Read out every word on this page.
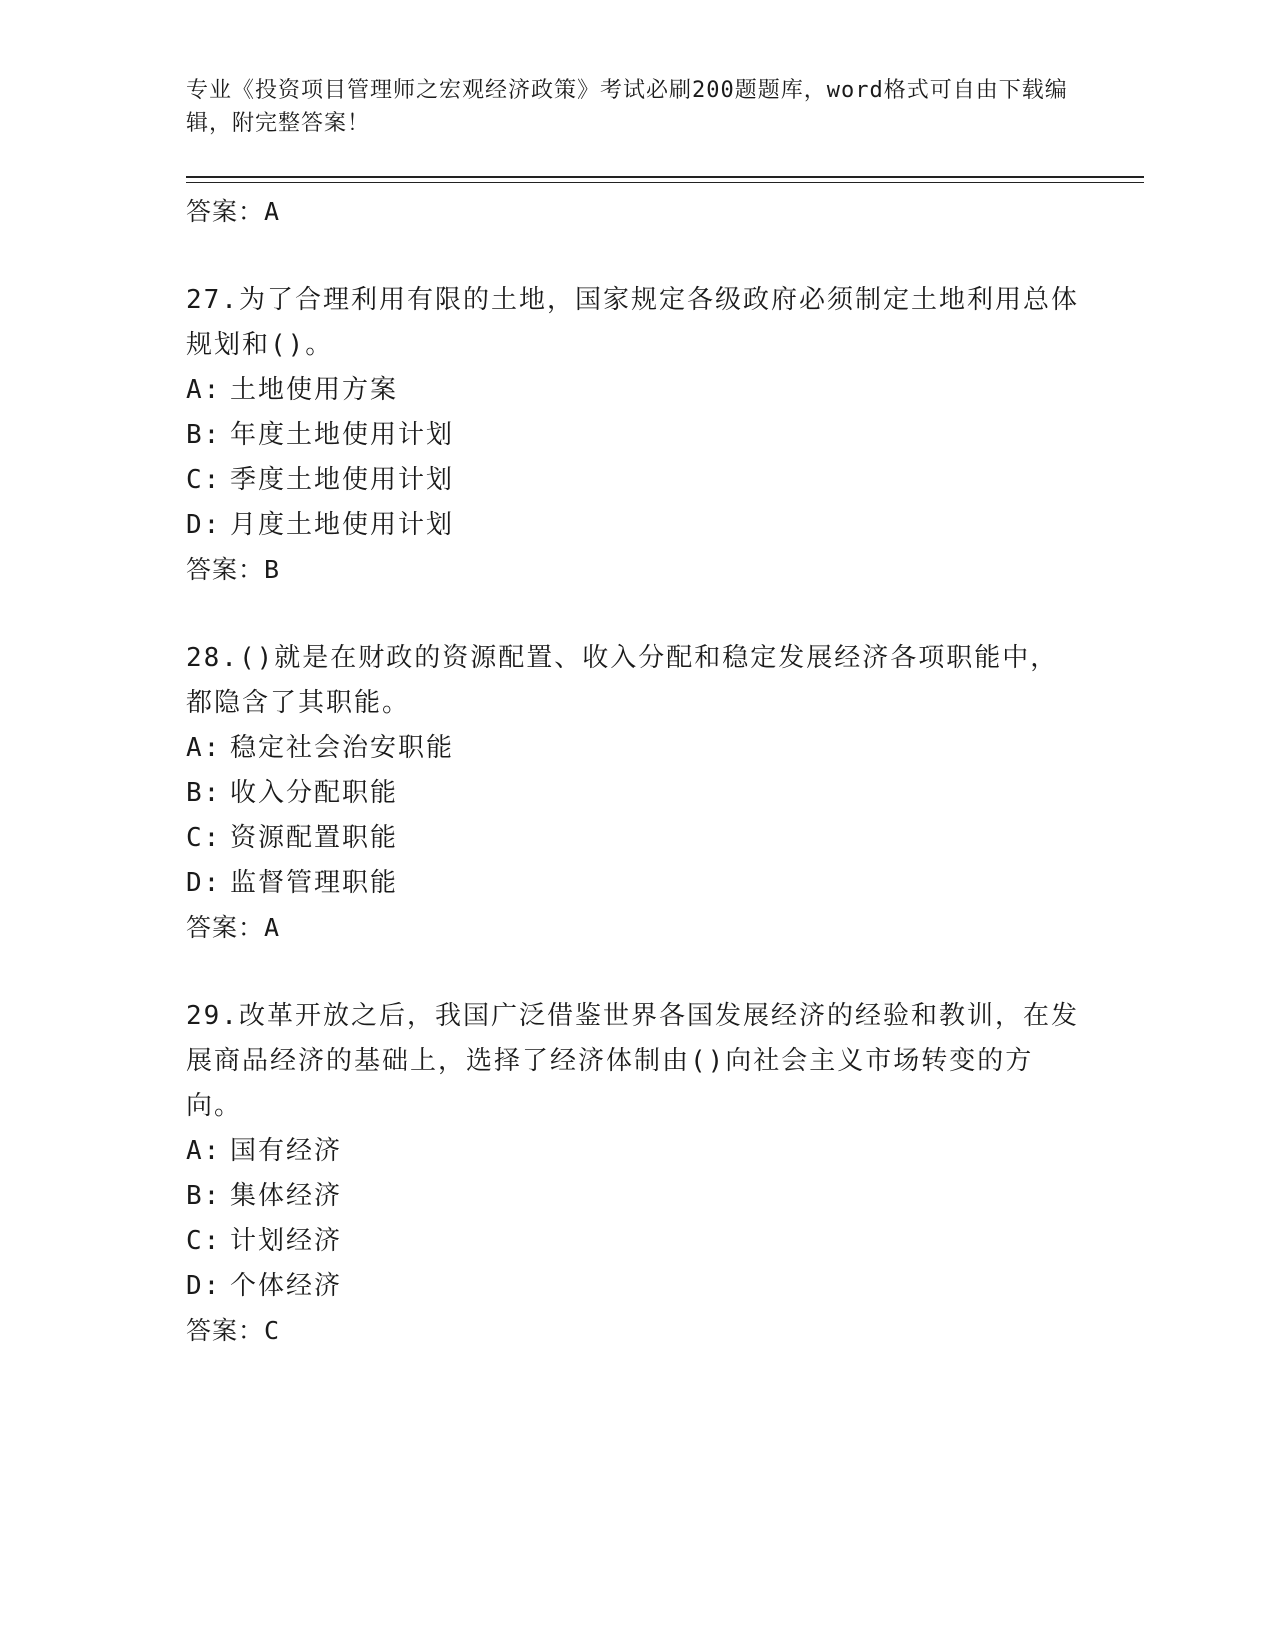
专业《投资项目管理师之宏观经济政策》考试必刷200题题库，word格式可自由下载编辑，附完整答案！
答案：A
27.为了合理利用有限的土地，国家规定各级政府必须制定土地利用总体规划和()。
A: 土地使用方案
B: 年度土地使用计划
C: 季度土地使用计划
D: 月度土地使用计划
答案：B
28.()就是在财政的资源配置、收入分配和稳定发展经济各项职能中，都隐含了其职能。
A: 稳定社会治安职能
B: 收入分配职能
C: 资源配置职能
D: 监督管理职能
答案：A
29.改革开放之后，我国广泛借鉴世界各国发展经济的经验和教训，在发展商品经济的基础上，选择了经济体制由()向社会主义市场转变的方向。
A: 国有经济
B: 集体经济
C: 计划经济
D: 个体经济
答案：C
